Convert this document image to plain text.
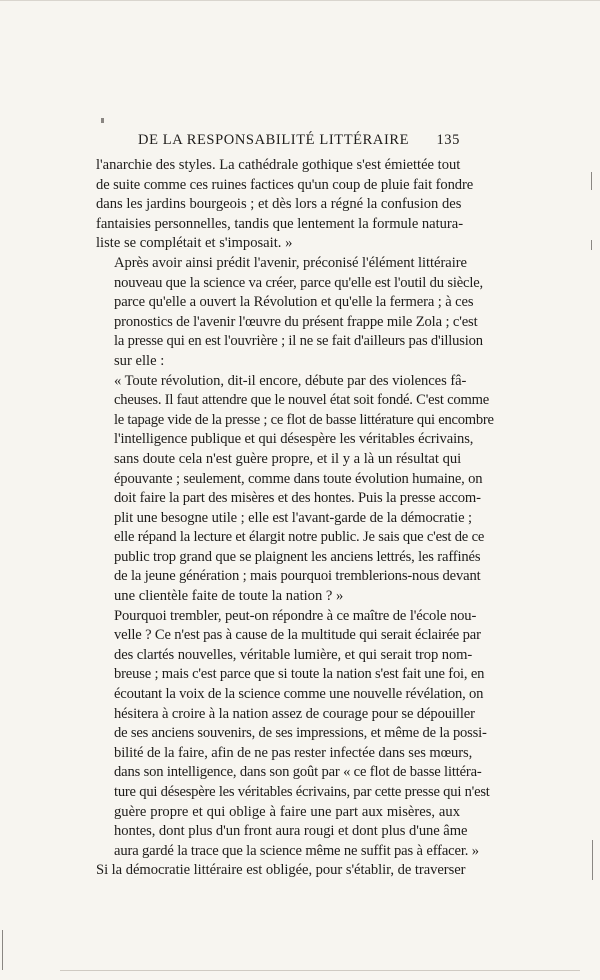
DE LA RESPONSABILITÉ LITTÉRAIRE 135

l'anarchie des styles. La cathédrale gothique s'est émiettée tout
de suite comme ces ruines factices qu'un coup de pluie fait fondre
dans les jardins bourgeois ; et dès lors a régné la confusion des
fantaisies personnelles, tandis que lentement la formule natura-
liste se complétait et s'imposait. »

Après avoir ainsi prédit l'avenir, préconisé l'élément littéraire
nouveau que la science va créer, parce qu'elle est l'outil du siècle,
parce qu'elle a ouvert la Révolution et qu'elle la fermera ; à ces
pronostics de l'avenir l'œuvre du présent frappe mile Zola ; c'est
la presse qui en est l'ouvrière ; il ne se fait d'ailleurs pas d'illusion
sur elle :

« Toute révolution, dit-il encore, débute par des violences fâ-
cheuses. Il faut attendre que le nouvel état soit fondé. C'est comme
le tapage vide de la presse ; ce flot de basse littérature qui encombre
l'intelligence publique et qui désespère les véritables écrivains,
sans doute cela n'est guère propre, et il y a là un résultat qui
épouvante ; seulement, comme dans toute évolution humaine, on
doit faire la part des misères et des hontes. Puis la presse accom-
plit une besogne utile ; elle est l'avant-garde de la démocratie ;
elle répand la lecture et élargit notre public. Je sais que c'est de ce
public trop grand que se plaignent les anciens lettrés, les raffinés
de la jeune génération ; mais pourquoi tremblerions-nous devant
une clientèle faite de toute la nation ? »

Pourquoi trembler, peut-on répondre à ce maître de l'école nou-
velle ? Ce n'est pas à cause de la multitude qui serait éclairée par
des clartés nouvelles, véritable lumière, et qui serait trop nom-
breuse ; mais c'est parce que si toute la nation s'est fait une foi, en
écoutant la voix de la science comme une nouvelle révélation, on
hésitera à croire à la nation assez de courage pour se dépouiller
de ses anciens souvenirs, de ses impressions, et même de la possi-
bilité de la faire, afin de ne pas rester infectée dans ses mœurs,
dans son intelligence, dans son goût par « ce flot de basse littéra-
ture qui désespère les véritables écrivains, par cette presse qui n'est
guère propre et qui oblige à faire une part aux misères, aux
hontes, dont plus d'un front aura rougi et dont plus d'une âme
aura gardé la trace que la science même ne suffit pas à effacer. »

Si la démocratie littéraire est obligée, pour s'établir, de traverser
